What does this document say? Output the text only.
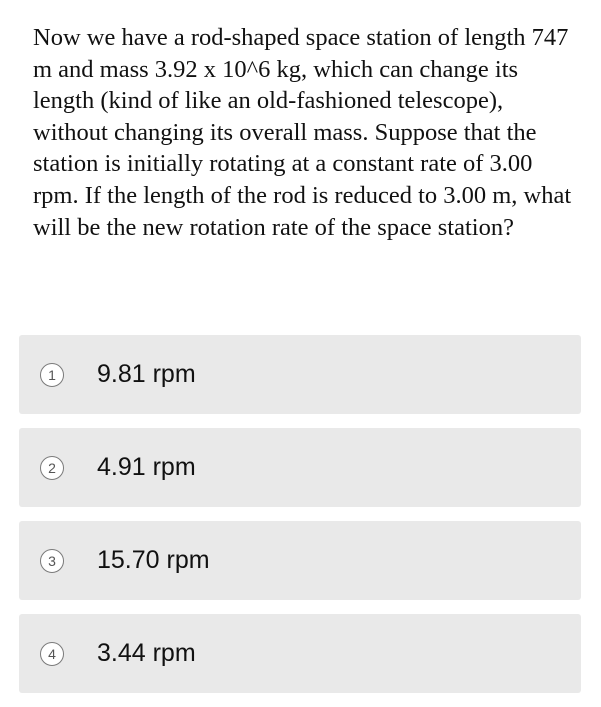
Now we have a rod-shaped space station of length 747 m and mass 3.92 x 10^6 kg, which can change its length (kind of like an old-fashioned telescope), without changing its overall mass. Suppose that the station is initially rotating at a constant rate of 3.00 rpm. If the length of the rod is reduced to 3.00 m, what will be the new rotation rate of the space station?

1	9.81 rpm
2	4.91 rpm
3	15.70 rpm
4	3.44 rpm
